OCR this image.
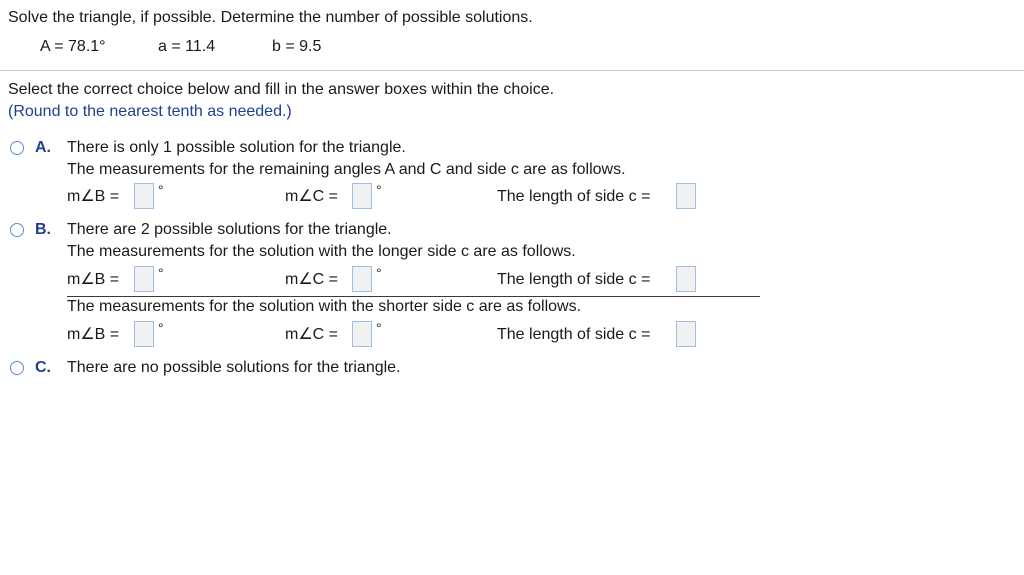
Solve the triangle, if possible. Determine the number of possible solutions.
A = 78.1°	a = 11.4	b = 9.5
Select the correct choice below and fill in the answer boxes within the choice.
(Round to the nearest tenth as needed.)
A. There is only 1 possible solution for the triangle.
The measurements for the remaining angles A and C and side c are as follows.
m∠B =	°	m∠C =	°	The length of side c =
B. There are 2 possible solutions for the triangle.
The measurements for the solution with the longer side c are as follows.
m∠B =	°	m∠C =	°	The length of side c =
The measurements for the solution with the shorter side c are as follows.
m∠B =	°	m∠C =	°	The length of side c =
C. There are no possible solutions for the triangle.
